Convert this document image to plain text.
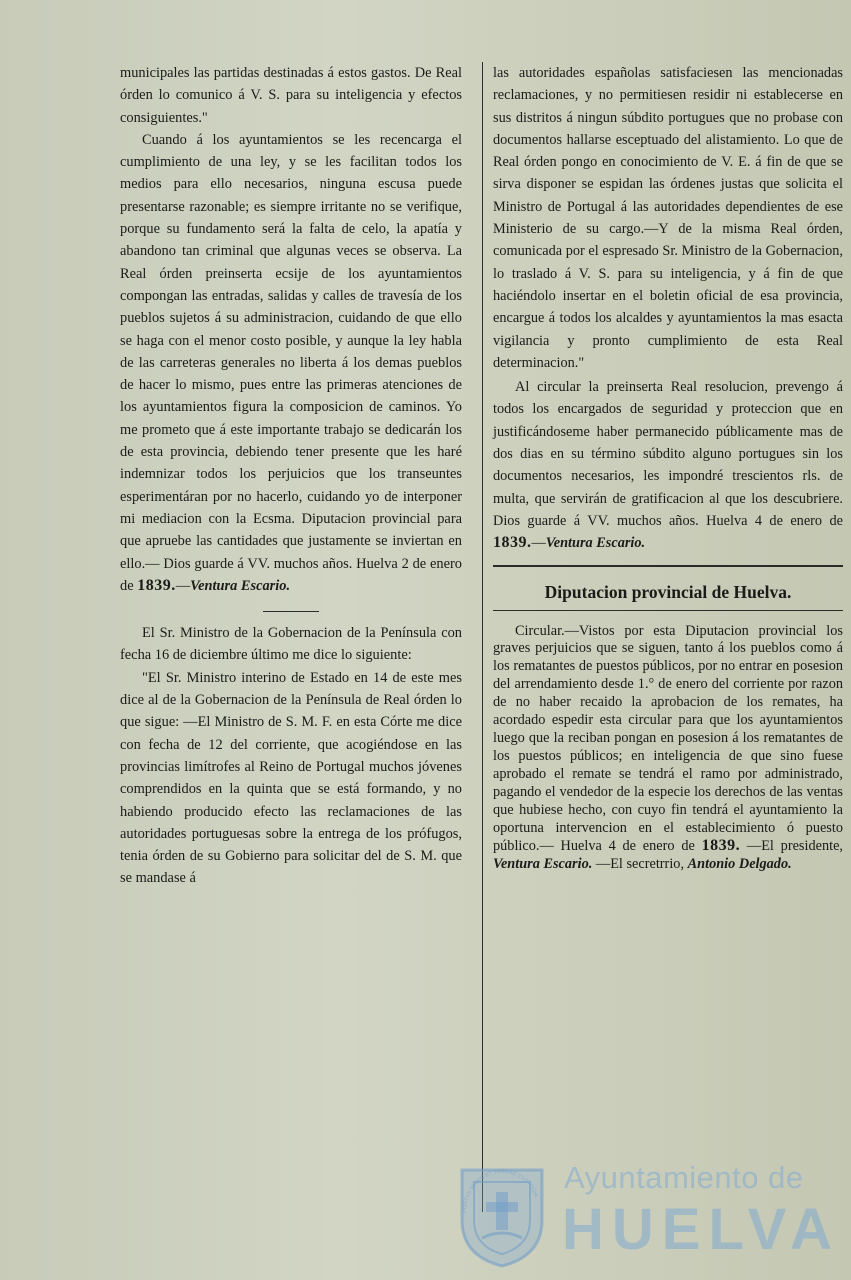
municipales las partidas destinadas á estos gastos. De Real órden lo comunico á V. S. para su inteligencia y efectos consiguientes."

Cuando á los ayuntamientos se les recencarga el cumplimiento de una ley, y se les facilitan todos los medios para ello necesarios, ninguna escusa puede presentarse razonable; es siempre irritante no se verifique, porque su fundamento será la falta de celo, la apatía y abandono tan criminal que algunas veces se observa. La Real órden preinserta ecsije de los ayuntamientos compongan las entradas, salidas y calles de travesía de los pueblos sujetos á su administracion, cuidando de que ello se haga con el menor costo posible, y aunque la ley habla de las carreteras generales no liberta á los demas pueblos de hacer lo mismo, pues entre las primeras atenciones de los ayuntamientos figura la composicion de caminos. Yo me prometo que á este importante trabajo se dedicarán los de esta provincia, debiendo tener presente que les haré indemnizar todos los perjuicios que los transeuntes esperimentáran por no hacerlo, cuidando yo de interponer mi mediacion con la Ecsma. Diputacion provincial para que apruebe las cantidades que justamente se inviertan en ello.— Dios guarde á VV. muchos años. Huelva 2 de enero de 1839.—Ventura Escario.

El Sr. Ministro de la Gobernacion de la Península con fecha 16 de diciembre último me dice lo siguiente:

"El Sr. Ministro interino de Estado en 14 de este mes dice al de la Gobernacion de la Península de Real órden lo que sigue: —El Ministro de S. M. F. en esta Córte me dice con fecha de 12 del corriente, que acogiéndose en las provincias limítrofes al Reino de Portugal muchos jóvenes comprendidos en la quinta que se está formando, y no habiendo producido efecto las reclamaciones de las autoridades portuguesas sobre la entrega de los prófugos, tenia órden de su Gobierno para solicitar del de S. M. que se mandase á

las autoridades españolas satisfaciesen las mencionadas reclamaciones, y no permitiesen residir ni establecerse en sus distritos á ningun súbdito portugues que no probase con documentos hallarse esceptuado del alistamiento. Lo que de Real órden pongo en conocimiento de V. E. á fin de que se sirva disponer se espidan las órdenes justas que solicita el Ministro de Portugal á las autoridades dependientes de ese Ministerio de su cargo.—Y de la misma Real órden, comunicada por el espresado Sr. Ministro de la Gobernacion, lo traslado á V. S. para su inteligencia, y á fin de que haciéndolo insertar en el boletin oficial de esa provincia, encargue á todos los alcaldes y ayuntamientos la mas esacta vigilancia y pronto cumplimiento de esta Real determinacion."

Al circular la preinserta Real resolucion, prevengo á todos los encargados de seguridad y proteccion que en justificándoseme haber permanecido públicamente mas de dos dias en su término súbdito alguno portugues sin los documentos necesarios, les impondré trescientos rls. de multa, que servirán de gratificacion al que los descubriere. Dios guarde á VV. muchos años. Huelva 4 de enero de 1839.—Ventura Escario.

Diputacion provincial de Huelva.

Circular.—Vistos por esta Diputacion provincial los graves perjuicios que se siguen, tanto á los pueblos como á los rematantes de puestos públicos, por no entrar en posesion del arrendamiento desde 1.° de enero del corriente por razon de no haber recaido la aprobacion de los remates, ha acordado espedir esta circular para que los ayuntamientos luego que la reciban pongan en posesion á los rematantes de los puestos públicos; en inteligencia de que sino fuese aprobado el remate se tendrá el ramo por administrado, pagando el vendedor de la especie los derechos de las ventas que hubiese hecho, con cuyo fin tendrá el ayuntamiento la oportuna intervencion en el establecimiento ó puesto público.— Huelva 4 de enero de 1839. —El presidente, Ventura Escario. —El secretrrio, Antonio Delgado.

PORTVS MARIS ET TERRAE CVSTODIA
Ayuntamiento de
HUELVA
